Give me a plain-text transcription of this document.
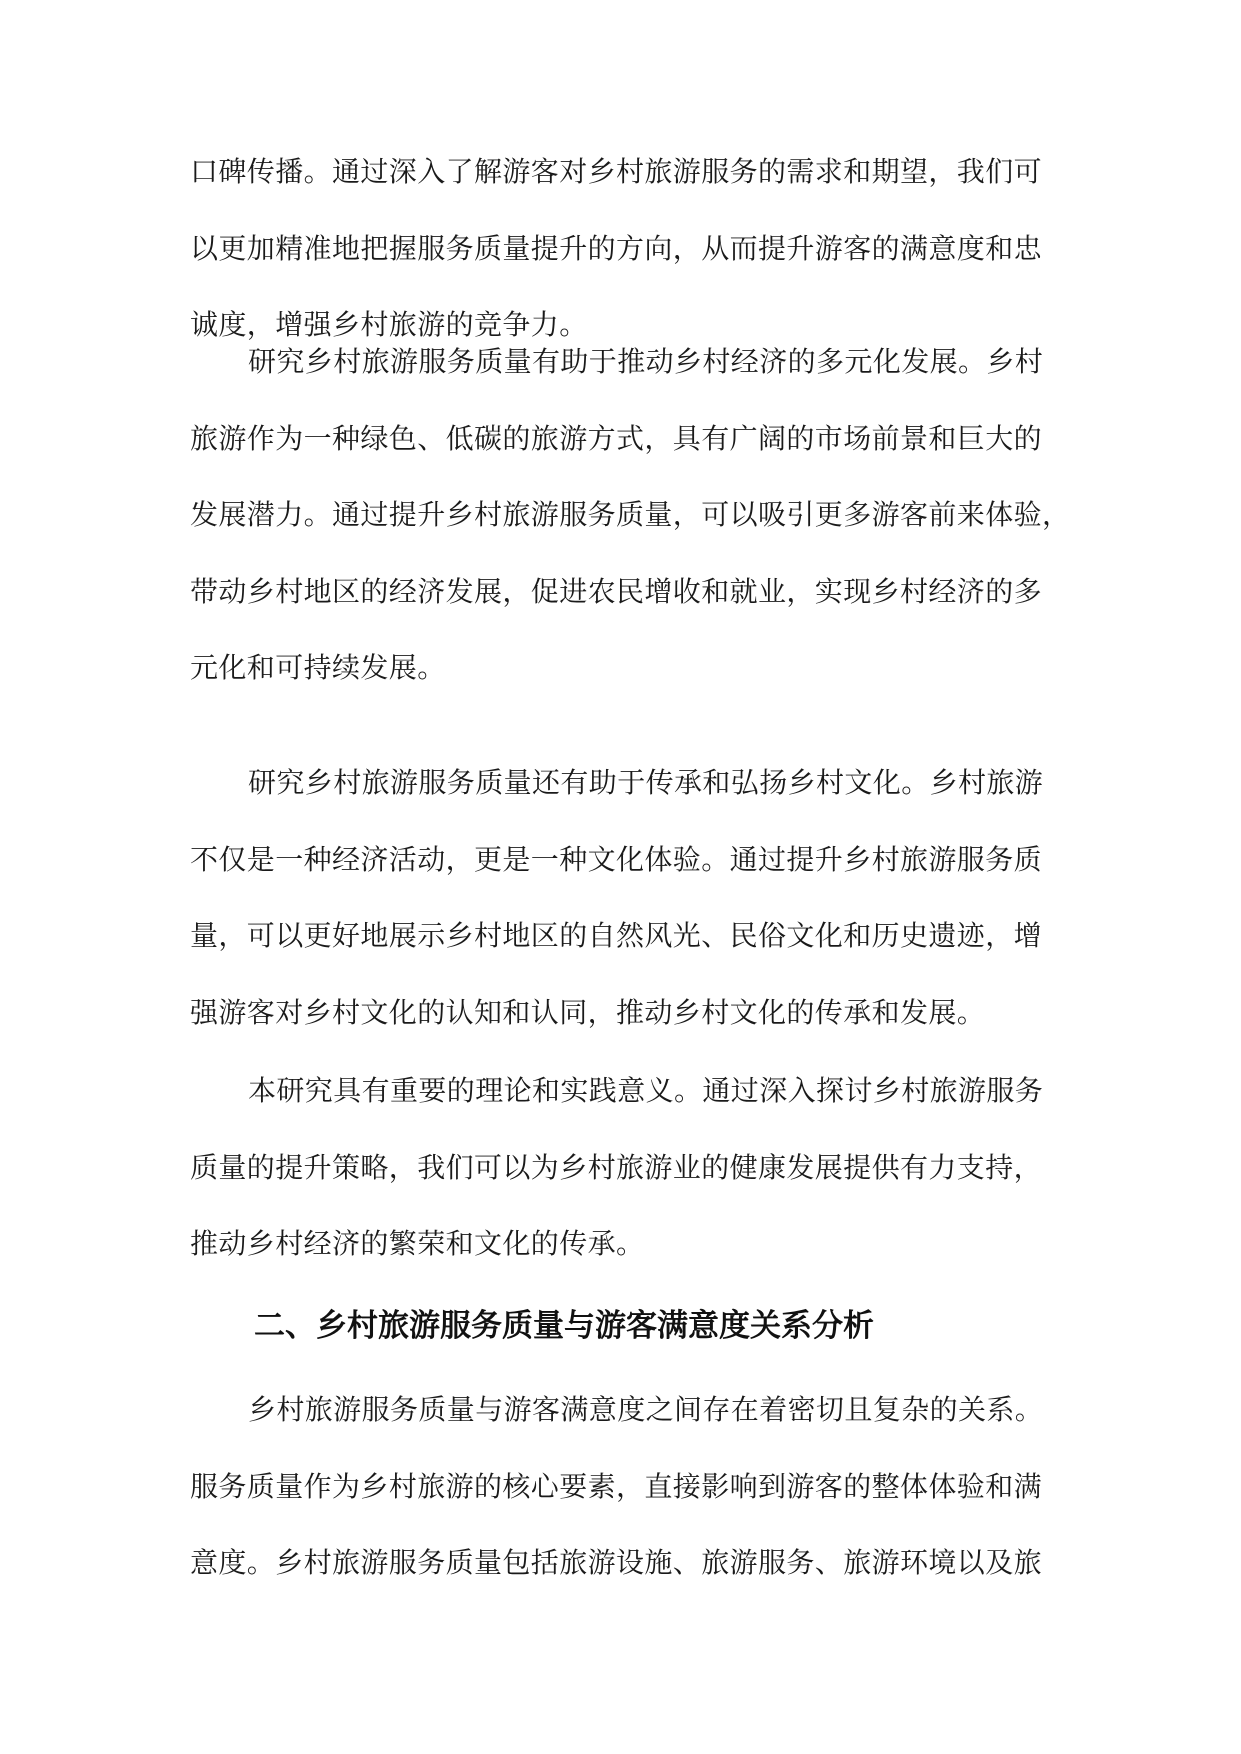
口碑传播。通过深入了解游客对乡村旅游服务的需求和期望，我们可
以更加精准地把握服务质量提升的方向，从而提升游客的满意度和忠
诚度，增强乡村旅游的竞争力。
研究乡村旅游服务质量有助于推动乡村经济的多元化发展。乡村
旅游作为一种绿色、低碳的旅游方式，具有广阔的市场前景和巨大的
发展潜力。通过提升乡村旅游服务质量，可以吸引更多游客前来体验，
带动乡村地区的经济发展，促进农民增收和就业，实现乡村经济的多
元化和可持续发展。
研究乡村旅游服务质量还有助于传承和弘扬乡村文化。乡村旅游
不仅是一种经济活动，更是一种文化体验。通过提升乡村旅游服务质
量，可以更好地展示乡村地区的自然风光、民俗文化和历史遗迹，增
强游客对乡村文化的认知和认同，推动乡村文化的传承和发展。
本研究具有重要的理论和实践意义。通过深入探讨乡村旅游服务
质量的提升策略，我们可以为乡村旅游业的健康发展提供有力支持，
推动乡村经济的繁荣和文化的传承。
二、乡村旅游服务质量与游客满意度关系分析
乡村旅游服务质量与游客满意度之间存在着密切且复杂的关系。
服务质量作为乡村旅游的核心要素，直接影响到游客的整体体验和满
意度。乡村旅游服务质量包括旅游设施、旅游服务、旅游环境以及旅
